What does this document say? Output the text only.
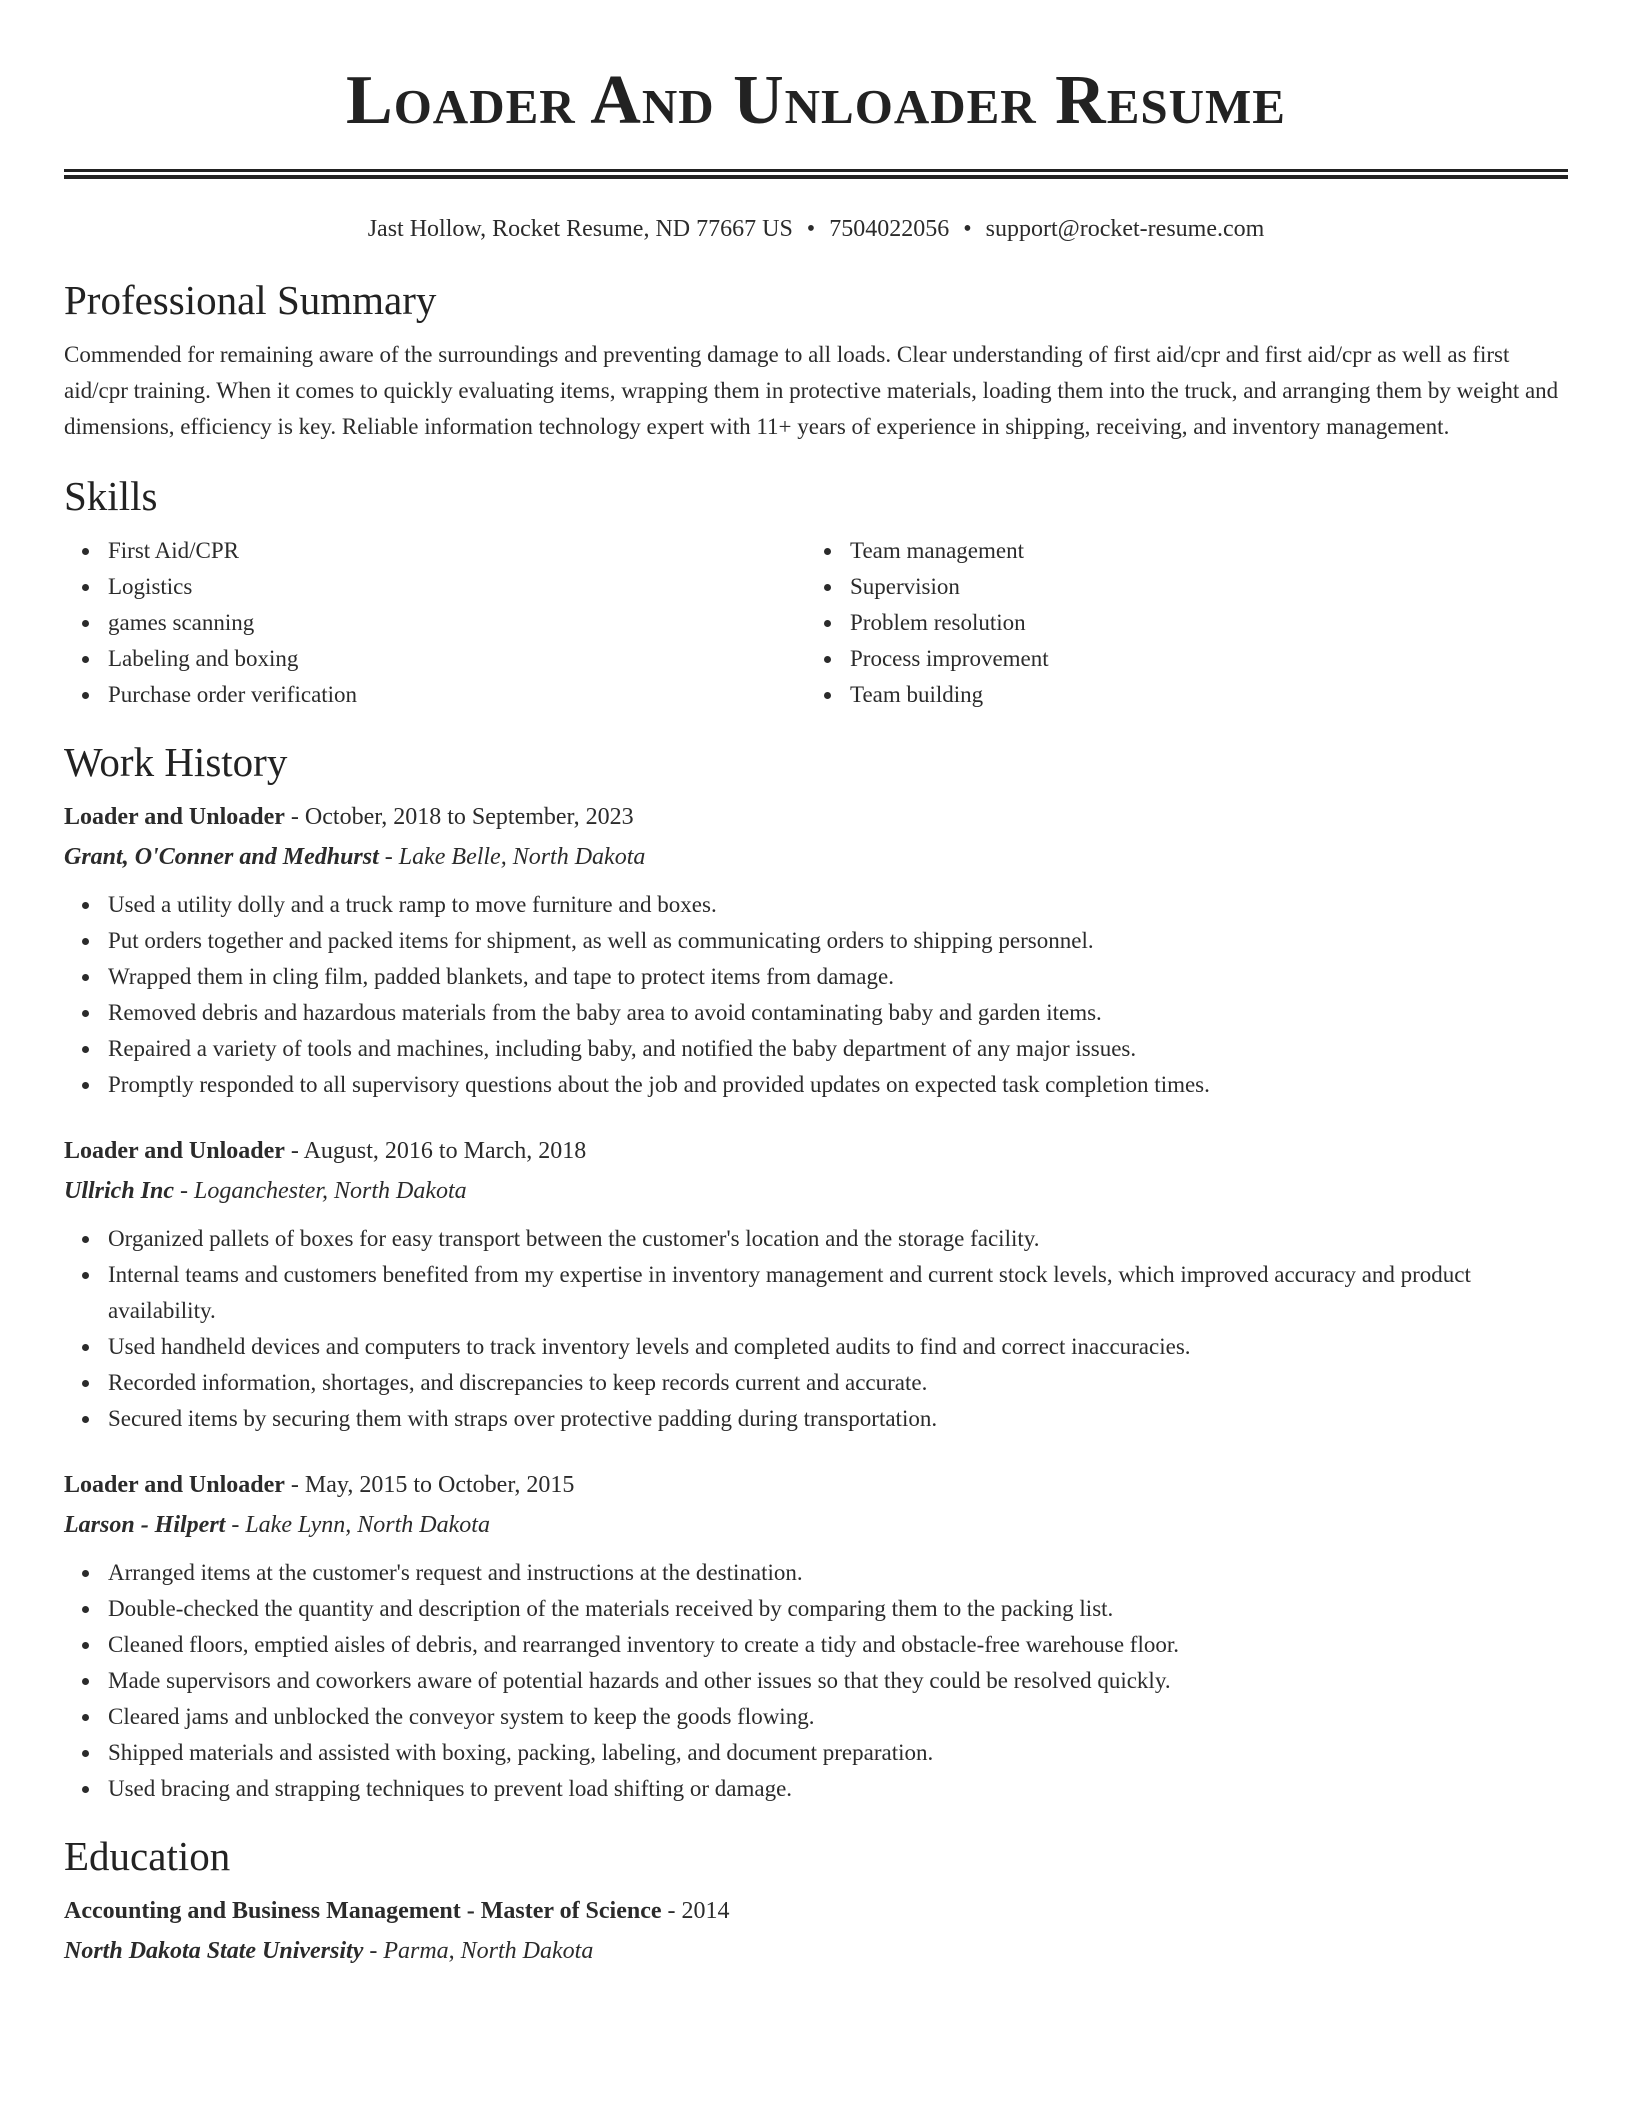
Loader And Unloader Resume
Jast Hollow, Rocket Resume, ND 77667 US • 7504022056 • support@rocket-resume.com
Professional Summary

Commended for remaining aware of the surroundings and preventing damage to all loads. Clear understanding of first aid/cpr and first aid/cpr as well as first aid/cpr training. When it comes to quickly evaluating items, wrapping them in protective materials, loading them into the truck, and arranging them by weight and dimensions, efficiency is key. Reliable information technology expert with 11+ years of experience in shipping, receiving, and inventory management.

Skills
First Aid/CPR
Logistics
games scanning
Labeling and boxing
Purchase order verification
Team management
Supervision
Problem resolution
Process improvement
Team building
Work History
Loader and Unloader - October, 2018 to September, 2023
Grant, O'Conner and Medhurst - Lake Belle, North Dakota
Used a utility dolly and a truck ramp to move furniture and boxes.
Put orders together and packed items for shipment, as well as communicating orders to shipping personnel.
Wrapped them in cling film, padded blankets, and tape to protect items from damage.
Removed debris and hazardous materials from the baby area to avoid contaminating baby and garden items.
Repaired a variety of tools and machines, including baby, and notified the baby department of any major issues.
Promptly responded to all supervisory questions about the job and provided updates on expected task completion times.
Loader and Unloader - August, 2016 to March, 2018
Ullrich Inc - Loganchester, North Dakota
Organized pallets of boxes for easy transport between the customer's location and the storage facility.
Internal teams and customers benefited from my expertise in inventory management and current stock levels, which improved accuracy and product availability.
Used handheld devices and computers to track inventory levels and completed audits to find and correct inaccuracies.
Recorded information, shortages, and discrepancies to keep records current and accurate.
Secured items by securing them with straps over protective padding during transportation.
Loader and Unloader - May, 2015 to October, 2015
Larson - Hilpert - Lake Lynn, North Dakota
Arranged items at the customer's request and instructions at the destination.
Double-checked the quantity and description of the materials received by comparing them to the packing list.
Cleaned floors, emptied aisles of debris, and rearranged inventory to create a tidy and obstacle-free warehouse floor.
Made supervisors and coworkers aware of potential hazards and other issues so that they could be resolved quickly.
Cleared jams and unblocked the conveyor system to keep the goods flowing.
Shipped materials and assisted with boxing, packing, labeling, and document preparation.
Used bracing and strapping techniques to prevent load shifting or damage.
Education
Accounting and Business Management - Master of Science - 2014
North Dakota State University - Parma, North Dakota
